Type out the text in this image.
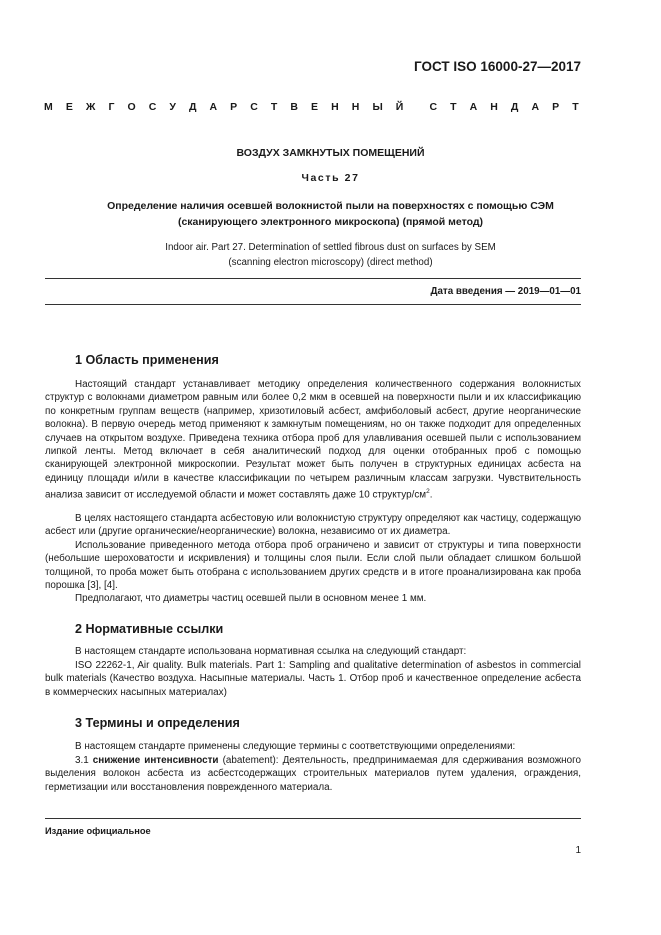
ГОСТ ISO 16000-27—2017
М Е Ж Г О С У Д А Р С Т В Е Н Н Ы Й С Т А Н Д А Р Т
ВОЗДУХ ЗАМКНУТЫХ ПОМЕЩЕНИЙ
Часть 27
Определение наличия осевшей волокнистой пыли на поверхностях с помощью СЭМ
(сканирующего электронного микроскопа) (прямой метод)
Indoor air. Part 27. Determination of settled fibrous dust on surfaces by SEM
(scanning electron microscopy) (direct method)
Дата введения — 2019—01—01
1 Область применения

Настоящий стандарт устанавливает методику определения количественного содержания волокнистых структур с волокнами диаметром равным или более 0,2 мкм в осевшей на поверхности пыли и их классификацию по конкретным группам веществ (например, хризотиловый асбест, амфиболовый асбест, другие неорганические волокна). В первую очередь метод применяют к замкнутым помещениям, но он также подходит для определенных случаев на открытом воздухе. Приведена техника отбора проб для улавливания осевшей пыли с использованием липкой ленты. Метод включает в себя аналитический подход для оценки отобранных проб с помощью сканирующей электронной микроскопии. Результат может быть получен в структурных единицах асбеста на единицу площади и/или в качестве классификации по четырем различным классам загрузки. Чувствительность анализа зависит от исследуемой области и может составлять даже 10 структур/$см^2$.

В целях настоящего стандарта асбестовую или волокнистую структуру определяют как частицу, содержащую асбест или (другие органические/неорганические) волокна, независимо от их диаметра.

Использование приведенного метода отбора проб ограничено и зависит от структуры и типа поверхности (небольшие шероховатости и искривления) и толщины слоя пыли. Если слой пыли обладает слишком большой толщиной, то проба может быть отобрана с использованием других средств и в итоге проанализирована как проба порошка [3], [4].

Предполагают, что диаметры частиц осевшей пыли в основном менее 1 мм.

2 Нормативные ссылки

В настоящем стандарте использована нормативная ссылка на следующий стандарт:

ISO 22262-1, Air quality. Bulk materials. Part 1: Sampling and qualitative determination of asbestos in commercial bulk materials (Качество воздуха. Насыпные материалы. Часть 1. Отбор проб и качественное определение асбеста в коммерческих насыпных материалах)

3 Термины и определения

В настоящем стандарте применены следующие термины с соответствующими определениями:

3.1 снижение интенсивности (abatement): Деятельность, предпринимаемая для сдерживания возможного выделения волокон асбеста из асбестсодержащих строительных материалов путем удаления, ограждения, герметизации или восстановления поврежденного материала.

Издание официальное
1
